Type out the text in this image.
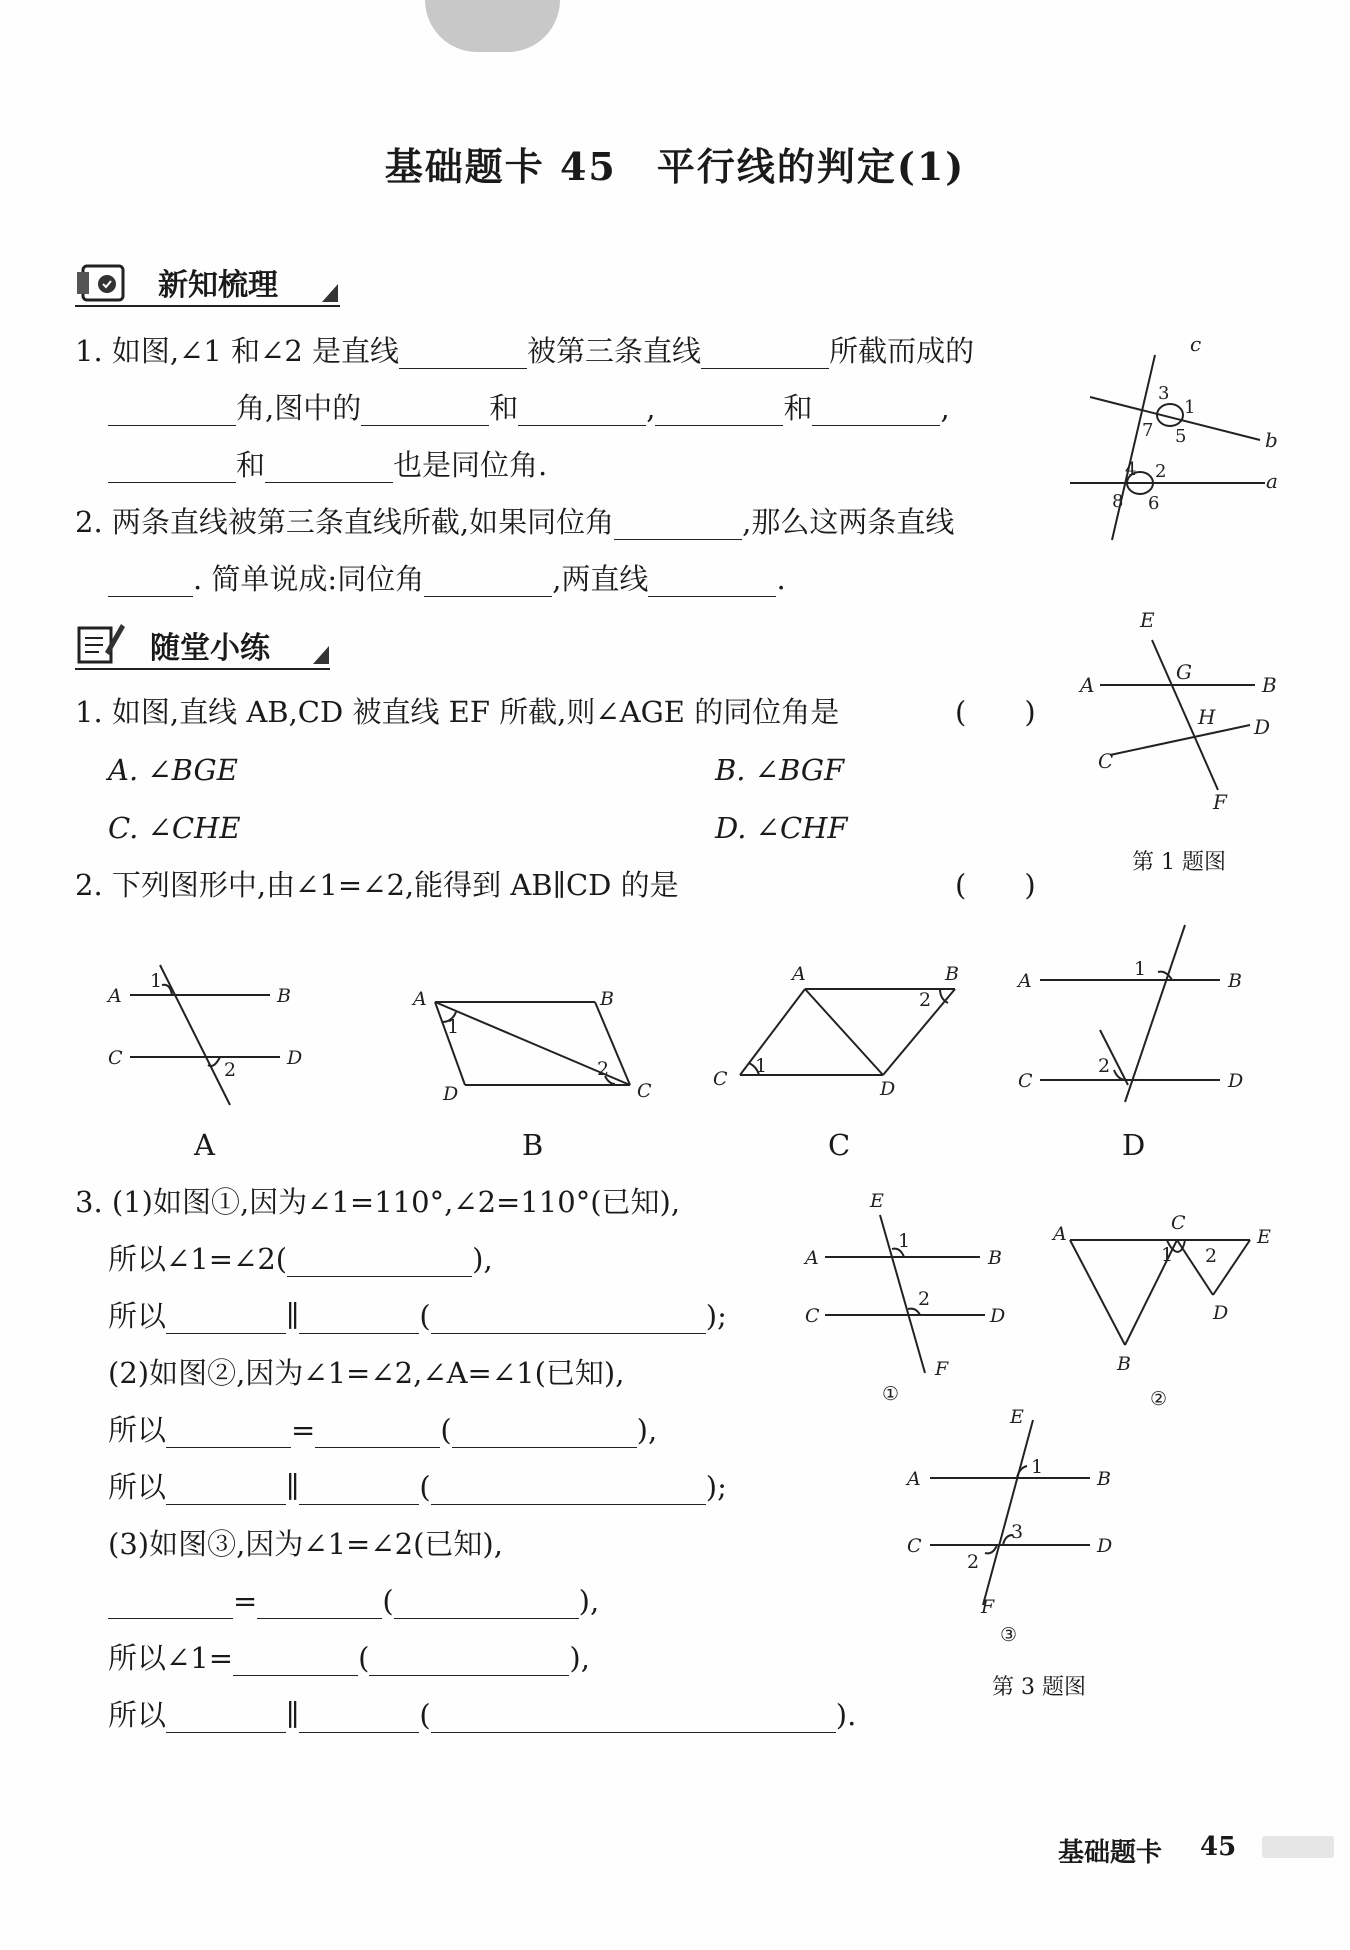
基础题卡 45　平行线的判定(1)
新知梳理
1. 如图,∠1 和∠2 是直线	被第三条直线	所截而成的
角,图中的	和	,	和	,
和	也是同位角.
2. 两条直线被第三条直线所截,如果同位角	,那么这两条直线
. 简单说成:同位角	,两直线	.
c
b
a
1
2
3
4
5
6
7
8
随堂小练
1. 如图,直线 AB,CD 被直线 EF 所截,则∠AGE 的同位角是	(　　)
A. ∠BGE	B. ∠BGF
C. ∠CHE	D. ∠CHF
E
A
G
B
H D
C
F
第 1 题图
2. 下列图形中,由∠1=∠2,能得到 AB∥CD 的是	(　　)
A	B
C	D
1
2
A	B
D	C
1
2
A	B
C	D
1
2
A	B
C	D
1
2
A	B	C	D
3. (1)如图①,因为∠1=110°,∠2=110°(已知),
所以∠1=∠2(	),
所以	∥	(	);
(2)如图②,因为∠1=∠2,∠A=∠1(已知),
所以	=	(	),
所以	∥	(	);
(3)如图③,因为∠1=∠2(已知),
=	(	),
所以∠1=	(	),
所以	∥	(	).
E
A	B
C	D
F
1
2
①
A	C
E
D
B
1 2
②
E
A	B
C	D
F
1
2
3
③
第 3 题图
基础题卡 45
